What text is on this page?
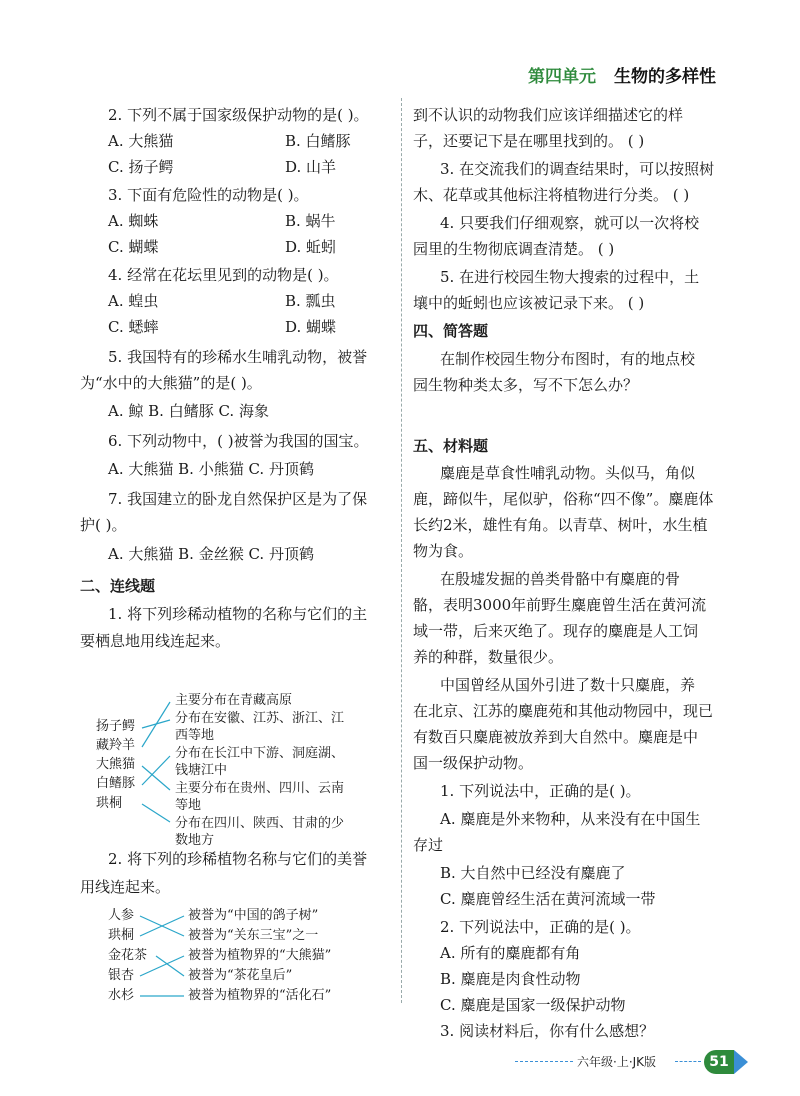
第四单元 生物的多样性
2. 下列不属于国家级保护动物的是( )。
A. 大熊猫	B. 白鳍豚
C. 扬子鳄	D. 山羊
3. 下面有危险性的动物是( )。
A. 蜘蛛	B. 蜗牛
C. 蝴蝶	D. 蚯蚓
4. 经常在花坛里见到的动物是( )。
A. 蝗虫	B. 瓢虫
C. 蟋蟀	D. 蝴蝶
5. 我国特有的珍稀水生哺乳动物，被誉
为“水中的大熊猫”的是( )。
A. 鲸 B. 白鳍豚 C. 海象
6. 下列动物中，( )被誉为我国的国宝。
A. 大熊猫 B. 小熊猫 C. 丹顶鹤
7. 我国建立的卧龙自然保护区是为了保
护( )。
A. 大熊猫 B. 金丝猴 C. 丹顶鹤
二、连线题
1. 将下列珍稀动植物的名称与它们的主
要栖息地用线连起来。
扬子鳄
藏羚羊
大熊猫
白鳍豚
珙桐
主要分布在青藏高原
分布在安徽、江苏、浙江、江
西等地
分布在长江中下游、洞庭湖、
钱塘江中
主要分布在贵州、四川、云南
等地
分布在四川、陕西、甘肃的少
数地方
2. 将下列的珍稀植物名称与它们的美誉
用线连起来。
人参
珙桐
金花茶
银杏
水杉
被誉为“中国的鸽子树”
被誉为“关东三宝”之一
被誉为植物界的“大熊猫”
被誉为“茶花皇后”
被誉为植物界的“活化石”
到不认识的动物我们应该详细描述它的样
子，还要记下是在哪里找到的。 ( )
3. 在交流我们的调查结果时，可以按照树
木、花草或其他标注将植物进行分类。 ( )
4. 只要我们仔细观察，就可以一次将校
园里的生物彻底调查清楚。 ( )
5. 在进行校园生物大搜索的过程中，土
壤中的蚯蚓也应该被记录下来。 ( )
四、简答题
在制作校园生物分布图时，有的地点校
园生物种类太多，写不下怎么办？
五、材料题
麋鹿是草食性哺乳动物。头似马，角似
鹿，蹄似牛，尾似驴，俗称“四不像”。麋鹿体
长约2米，雄性有角。以青草、树叶，水生植
物为食。
在殷墟发掘的兽类骨骼中有麋鹿的骨
骼，表明3000年前野生麋鹿曾生活在黄河流
域一带，后来灭绝了。现存的麋鹿是人工饲
养的种群，数量很少。
中国曾经从国外引进了数十只麋鹿，养
在北京、江苏的麋鹿苑和其他动物园中，现已
有数百只麋鹿被放养到大自然中。麋鹿是中
国一级保护动物。
1. 下列说法中，正确的是( )。
A. 麋鹿是外来物种，从来没有在中国生
存过
B. 大自然中已经没有麋鹿了
C. 麋鹿曾经生活在黄河流域一带
2. 下列说法中，正确的是( )。
A. 所有的麋鹿都有角
B. 麋鹿是肉食性动物
C. 麋鹿是国家一级保护动物
3. 阅读材料后，你有什么感想？
六年级·上·JK版	51
